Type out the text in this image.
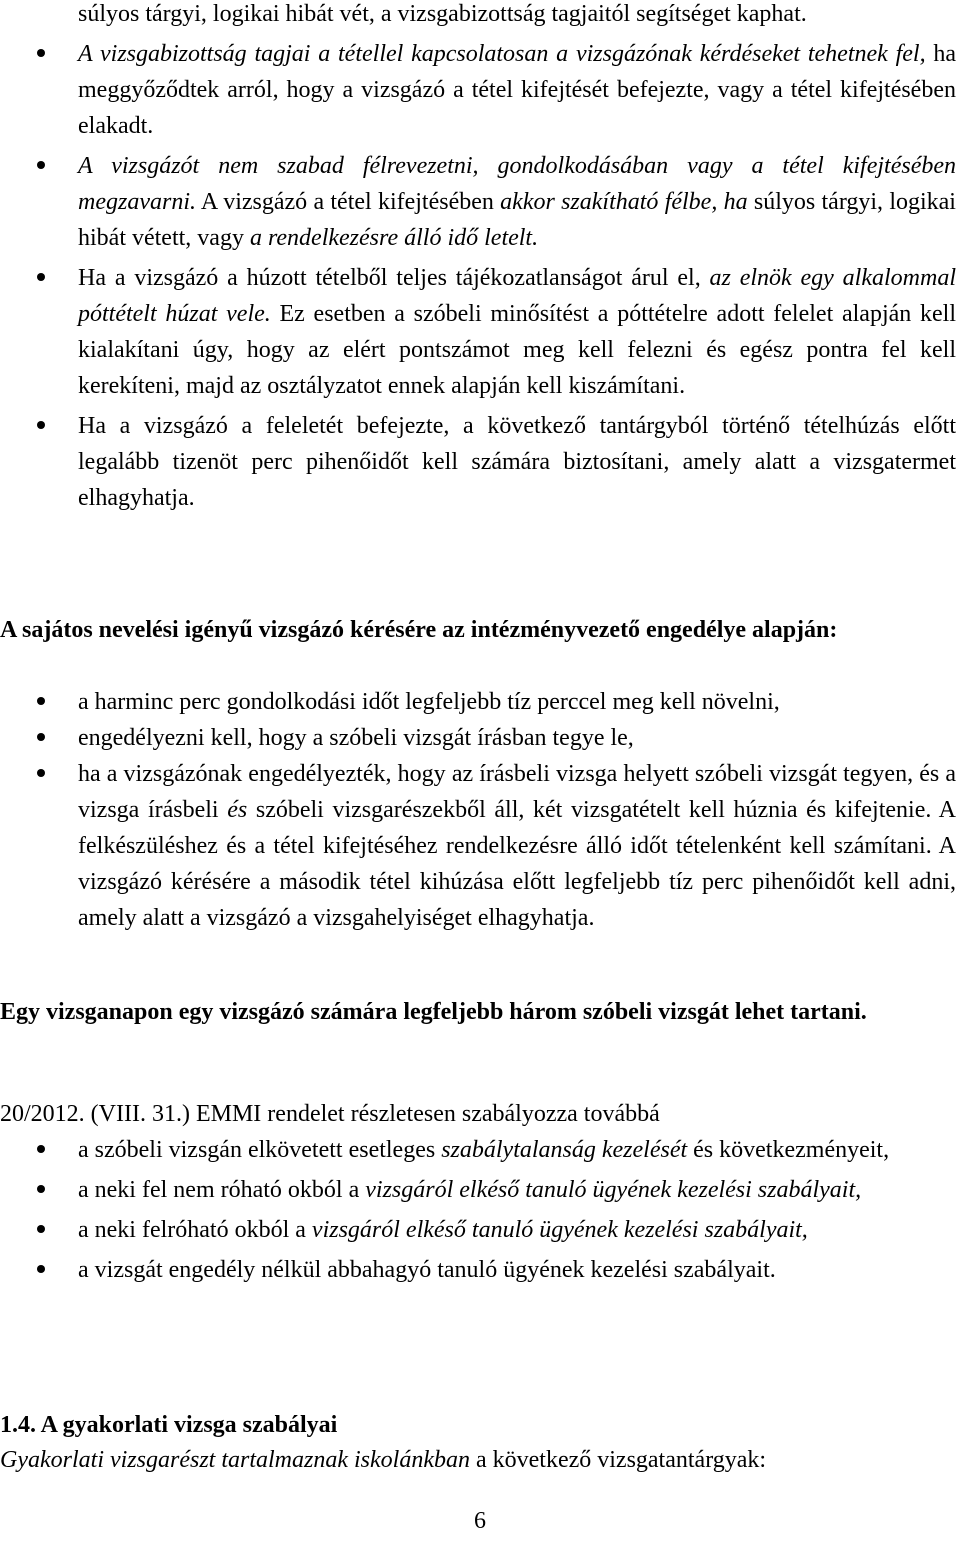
súlyos tárgyi, logikai hibát vét, a vizsgabizottság tagjaitól segítséget kaphat.
A vizsgabizottság tagjai a tétellel kapcsolatosan a vizsgázónak kérdéseket tehetnek fel, ha meggyőződtek arról, hogy a vizsgázó a tétel kifejtését befejezte, vagy a tétel kifejtésében elakadt.
A vizsgázót nem szabad félrevezetni, gondolkodásában vagy a tétel kifejtésében megzavarni. A vizsgázó a tétel kifejtésében akkor szakítható félbe, ha súlyos tárgyi, logikai hibát vétett, vagy a rendelkezésre álló idő letelt.
Ha a vizsgázó a húzott tételből teljes tájékozatlanságot árul el, az elnök egy alkalommal póttételt húzat vele. Ez esetben a szóbeli minősítést a póttételre adott felelet alapján kell kialakítani úgy, hogy az elért pontszámot meg kell felezni és egész pontra fel kell kerekíteni, majd az osztályzatot ennek alapján kell kiszámítani.
Ha a vizsgázó a feleletét befejezte, a következő tantárgyból történő tételhúzás előtt legalább tizenöt perc pihenőidőt kell számára biztosítani, amely alatt a vizsgatermet elhagyhatja.

A sajátos nevelési igényű vizsgázó kérésére az intézményvezető engedélye alapján:

a harminc perc gondolkodási időt legfeljebb tíz perccel meg kell növelni,
engedélyezni kell, hogy a szóbeli vizsgát írásban tegye le,
ha a vizsgázónak engedélyezték, hogy az írásbeli vizsga helyett szóbeli vizsgát tegyen, és a vizsga írásbeli és szóbeli vizsgarészekből áll, két vizsgatételt kell húznia és kifejtenie. A felkészüléshez és a tétel kifejtéséhez rendelkezésre álló időt tételenként kell számítani. A vizsgázó kérésére a második tétel kihúzása előtt legfeljebb tíz perc pihenőidőt kell adni, amely alatt a vizsgázó a vizsgahelyiséget elhagyhatja.

Egy vizsganapon egy vizsgázó számára legfeljebb három szóbeli vizsgát lehet tartani.

20/2012. (VIII. 31.) EMMI rendelet részletesen szabályozza továbbá

a szóbeli vizsgán elkövetett esetleges szabálytalanság kezelését és következményeit,
a neki fel nem róható okból a vizsgáról elkéső tanuló ügyének kezelési szabályait,
a neki felróható okból a vizsgáról elkéső tanuló ügyének kezelési szabályait,
a vizsgát engedély nélkül abbahagyó tanuló ügyének kezelési szabályait.

1.4. A gyakorlati vizsga szabályai

Gyakorlati vizsgarészt tartalmaznak iskolánkban a következő vizsgatantárgyak:

6
